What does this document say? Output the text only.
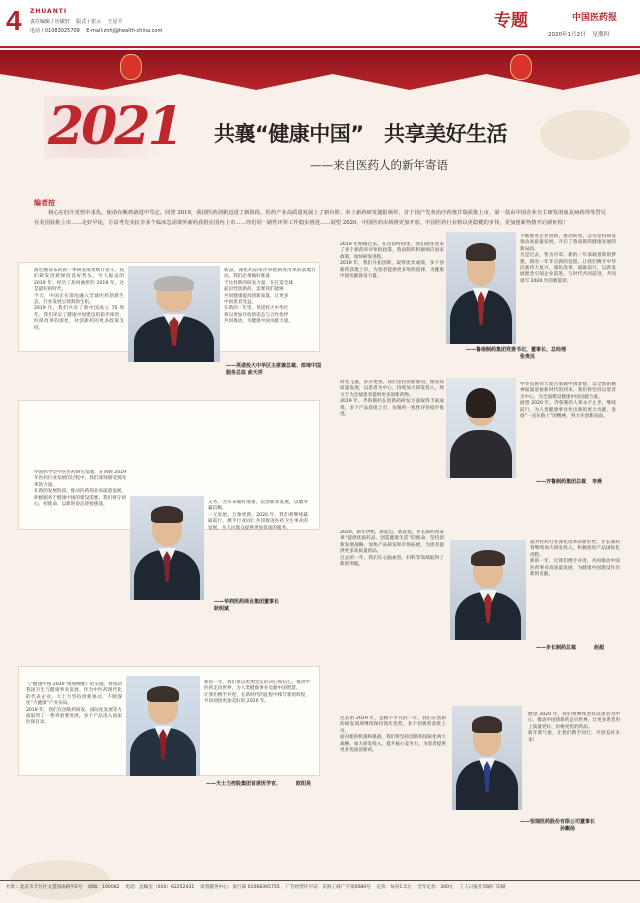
4 ZHUANTI
责任编辑 / 应敏轩    版式 / 张云    王星平
电话 / 01083025709    E-mail:znhj@health-china.com	专题	中国医药报
2020年1月2日    星期四
2021 共襄“健康中国”   共享美好生活
——来自医药人的新年寄语
编者按
初心在肘介更悟中求仇，使命在映鸡备进中笃定。回望 2019，我国医药剑新迈进了新阶段，医药产业高质量发展上了新台阶。奉上新药研发捷报频传，首个国产先务治疗药奥甘瑞获批上市，第一款由中国企业自主研发的血友病药得等替兄在美国获批上市……走好早徒，方益考先实抗享多个临床急需境外新药获批在国内上市……你们同一路性评价工作稳步推进……展望 2020，中国医药市场将更加开放，中国医药行业将以更稳健的步伐，更加创新热情开启新征程！
最近刚发布的新一季研发成果统计显示，我们研发创新保持良好势头。令人振奋的 2019 年，经历了坎坷曲折的 2019 年。这是最好的时代。
今天，中国正在深度融入全球医药创新生态，行业发展呈现勃勃生机。
2019 年，我们共有了新中国成立 70 周年，我们见证了健康中国建设的稳步推进，医保改革的深化，对创新药的更多政策支持。
新品，深化药品审评审批制度改革的落地行动。我们必须做好准备
于这样新的研发力量，在打造全球
前沿性创新药，需要我们能够
共同健康提高创新质量，让更多
中国患者受益。
在新的一年里，英诺投大中华区
将以更加开放的姿态与合作伙伴
共同推动，为健康中国贡献力量。
——英诺投大中华区主席兼总裁、郎琦中国
服务总监 俞天祥
2019 年刚刚过去。在这段时间里，我们接连迎来了多个新药审评审批政策，鲁南制药积极响应国家政策，加快研发进程。
2019 年，我们开拓创新，取得优异成绩，多个创新药获批上市，为患者提供更多用药选择，为健康中国贡献鲁南力量。
不断推进企业创新、推动转型。公司坚持研发推动高质量发展，开启了鲁南制药健康发展的新局面。
凡是过去，皆为序章。新的一年承载着新的梦想，新的一年开启新的征程。让我们携手中华民族伟大复兴，深化改革，砥砺前行，以新发展理念引领企业前进，与时代共同前进，共同谱写 2020 年的新篇章。
——鲁南制药集团党委书记、董事长、总经理
张贵民
时光飞逝，岁序更替。我们坚持创新驱动，推进高质量发展，以患者为中心，持续加大研发投入，致力于为全球患者提供更多创新药物。
2019 年，齐鲁制药在创新药研发方面取得丰硕成果，多个产品获批上市，仿制药一致性评价稳步推进。
中华民族伟大复兴承载中国梦想，以全新的精神面貌迎接新时代的到来。我们将坚持以患者为中心，为全面建设健康中国贡献力量。
展望 2020 年，齐鲁制药人将永不止步，继续前行，为人类健康事业作出新的更大贡献，发扬“一直在路上”的精神，努力开创新局面。
——齐鲁制药集团总裁 李燕
中国药学会中医医药研究基地，在回顾 2019 年医药行业发展的过程中，我们深刻感受到改革的力量。
在新的发展阶段，推动医药商业高质量发展，积极服务于健康中国的建设需要。我们将守初心、担使命，以新的姿态迎接挑战。	义务，为未来做好准备，以创新求发展，以服务赢信赖。
一元复始，万象更新。2020 年，我们将继续砥砺前行，携手行业同仁共同推进医药卫生事业的发展，为人民群众提供更加优质的服务。
——华润医药商业集团董事长
耿明斌
2020，新年伊始，新起点，新征程，步长制药将秉承“提供优质药品，创造健康生活”的使命，坚持创新发展战略，加快产品研发和市场拓展，为患者提供更多高质量药品。
过去的一年，我们在心脑血管、妇科等领域取得了新的突破。
面对医药行业深化改革的新形势，步长制药将继续加大研发投入，积极推进产品国际化进程。
新的一年，让我们携手并进，共同推动中国医药事业高质量发展，为健康中国建设作出新的贡献。
——步长制药总裁	赵超
《“健康中国 2030”规划纲要》的实施，将推动我国卫生与健康事业发展。作为中医药现代化的代表企业，天士力坚持创新驱动，不断深化“大健康”产业布局。
2019 年，我们在创新药研发、国际化发展等方面取得了一系列重要进展，多个产品进入国家医保目录。
新的一年，我们将以更加坚定的决心和信心，推动中医药走向世界，为人类健康事业贡献中国智慧。
让我们携手共进，在新时代的征程中续写新的辉煌，共同迎接更加美好的 2020 年。
——天士力控股集团首席医学官、	欧阳昊
过去的 2019 年，是极不平凡的一年，我们在创新药研发领域继续保持领先优势，多个创新药获批上市。
面对新的机遇和挑战，我们将坚持创新和国际化两大战略，加大研发投入，提升核心竞争力，为患者提供更多优质创新药。
展望 2020 年，我们将继续坚持以患者为中心，推动中国创新药走向世界，让更多患者用上质量更好、价格更优的药品。
新年新气象，让我们携手同行，共创美好未来！
——恒瑞医药股份有限公司董事长
孙飘扬
社址：北京市丰台区文慧园南路甲2号    邮编：100082    电话：总编室（010）62252431    读者服务中心：发行部 01068365755    广告经营许可证：京海工商广字第0080号    定价：每份1.5元    全年定价：300元    工人日报社印刷厂印刷
